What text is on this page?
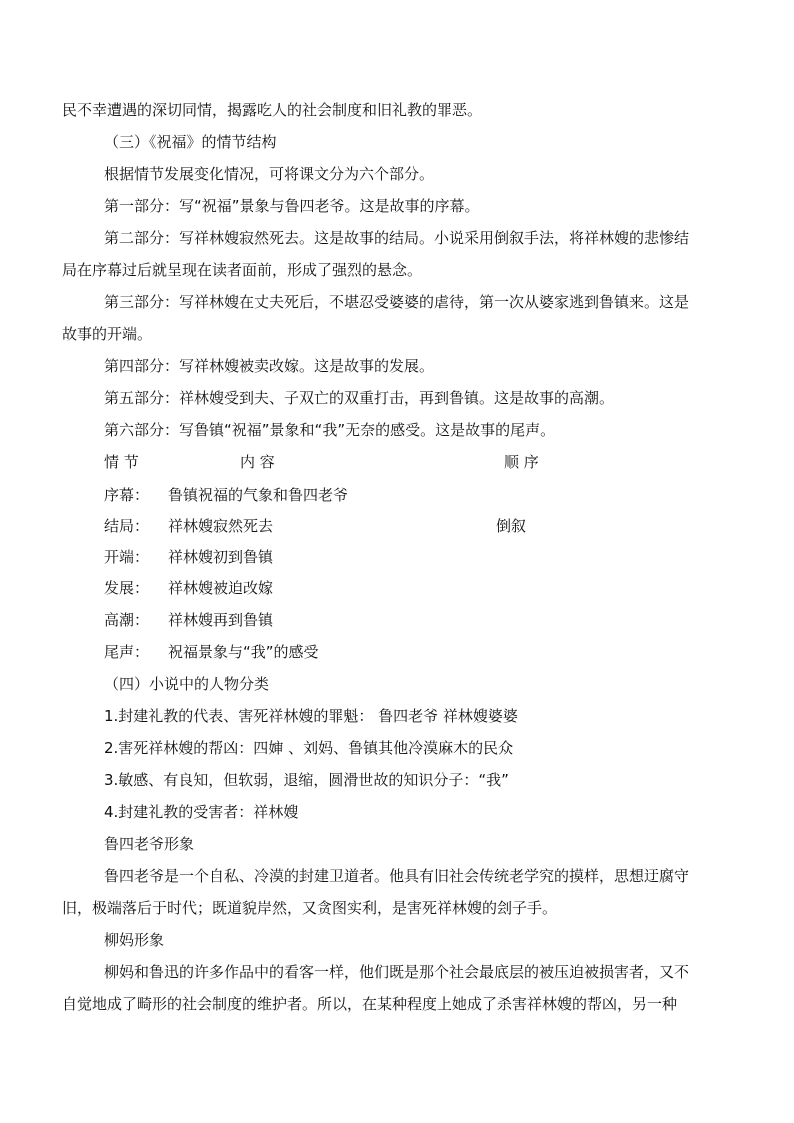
民不幸遭遇的深切同情，揭露吃人的社会制度和旧礼教的罪恶。
（三）《祝福》的情节结构
根据情节发展变化情况，可将课文分为六个部分。
第一部分：写“祝福”景象与鲁四老爷。这是故事的序幕。
第二部分：写祥林嫂寂然死去。这是故事的结局。小说采用倒叙手法，将祥林嫂的悲惨结
局在序幕过后就呈现在读者面前，形成了强烈的悬念。
第三部分：写祥林嫂在丈夫死后，不堪忍受婆婆的虐待，第一次从婆家逃到鲁镇来。这是
故事的开端。
第四部分：写祥林嫂被卖改嫁。这是故事的发展。
第五部分：祥林嫂受到夫、子双亡的双重打击，再到鲁镇。这是故事的高潮。
第六部分：写鲁镇“祝福”景象和“我”无奈的感受。这是故事的尾声。
情 节	内 容	顺 序
序幕： 鲁镇祝福的气象和鲁四老爷
结局： 祥林嫂寂然死去	倒叙
开端： 祥林嫂初到鲁镇
发展： 祥林嫂被迫改嫁
高潮： 祥林嫂再到鲁镇
尾声： 祝福景象与“我”的感受
（四）小说中的人物分类
1.封建礼教的代表、害死祥林嫂的罪魁： 鲁四老爷 祥林嫂婆婆
2.害死祥林嫂的帮凶：四婶 、刘妈、鲁镇其他冷漠麻木的民众
3.敏感、有良知，但软弱，退缩，圆滑世故的知识分子：“我”
4.封建礼教的受害者：祥林嫂
鲁四老爷形象
鲁四老爷是一个自私、冷漠的封建卫道者。他具有旧社会传统老学究的摸样，思想迂腐守
旧，极端落后于时代；既道貌岸然，又贪图实利，是害死祥林嫂的刽子手。
柳妈形象
柳妈和鲁迅的许多作品中的看客一样，他们既是那个社会最底层的被压迫被损害者，又不
自觉地成了畸形的社会制度的维护者。所以，在某种程度上她成了杀害祥林嫂的帮凶，另一种
